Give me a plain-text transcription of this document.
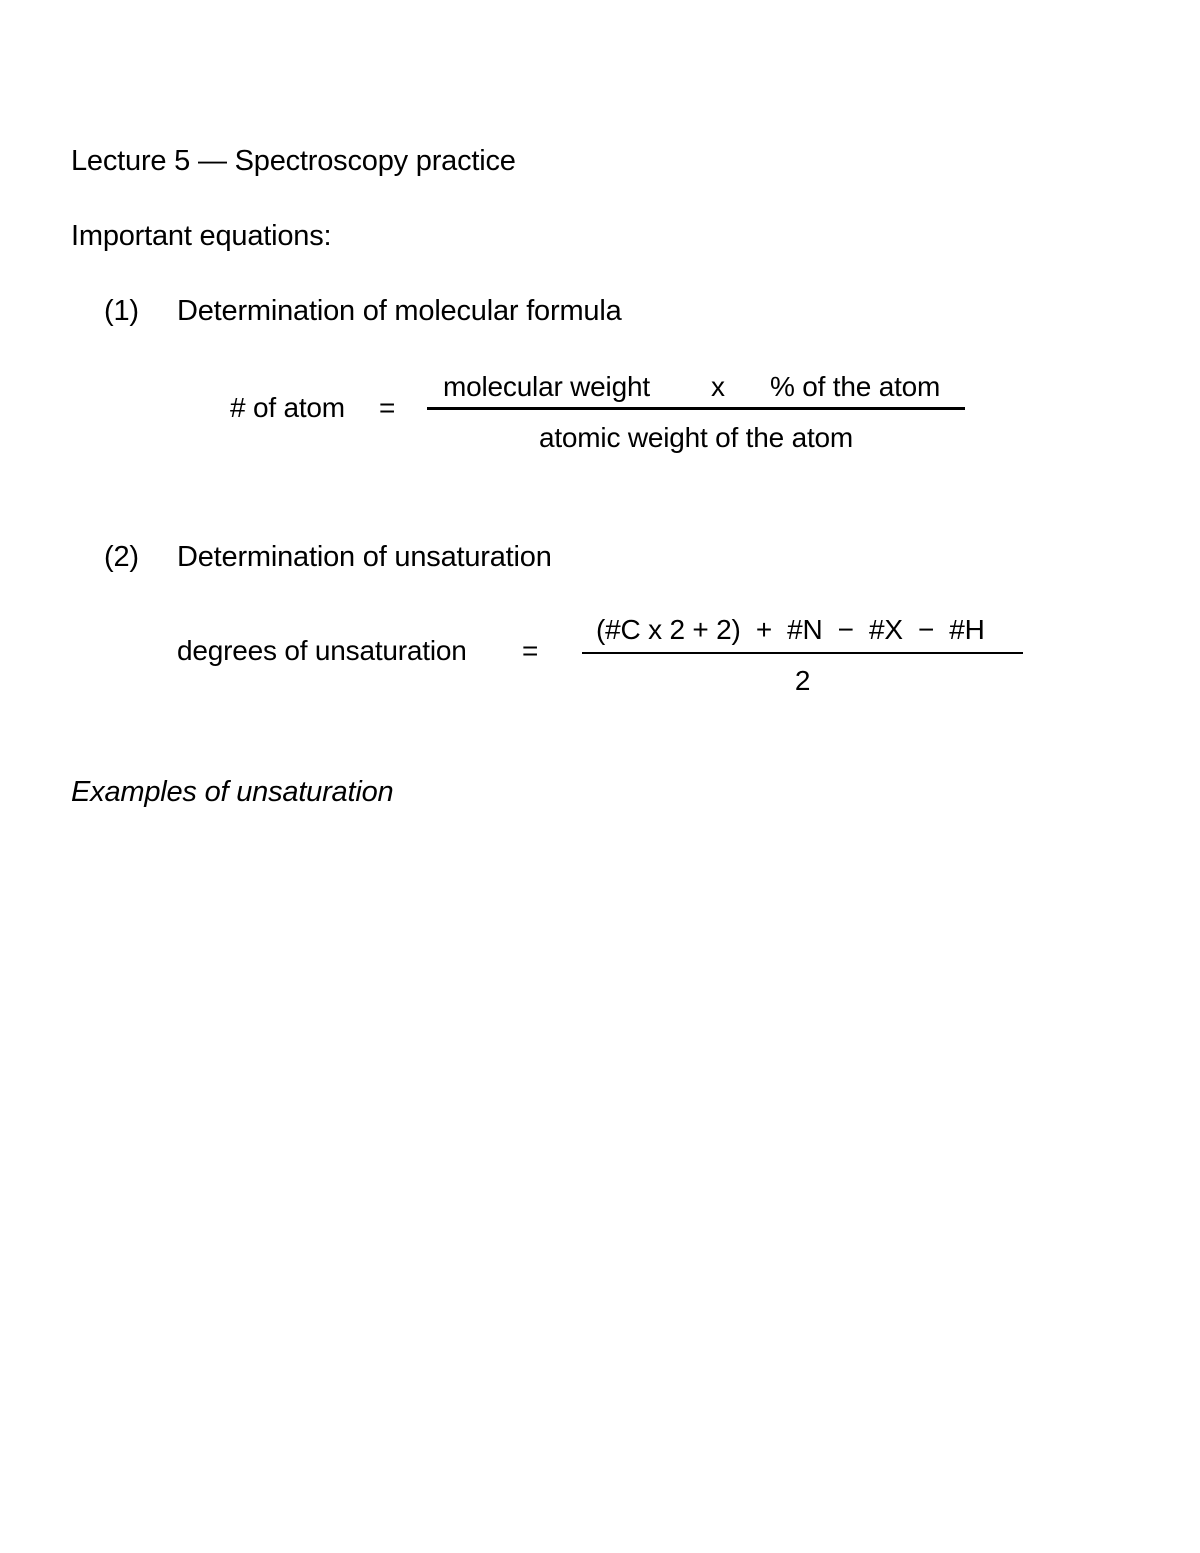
Lecture 5 — Spectroscopy practice
Important equations:
(1) Determination of molecular formula
# of atom =
molecular weight x % of the atom
atomic weight of the atom
(2) Determination of unsaturation
degrees of unsaturation =
(#C x 2 + 2)  +  #N  −  #X  −  #H
2
Examples of unsaturation
